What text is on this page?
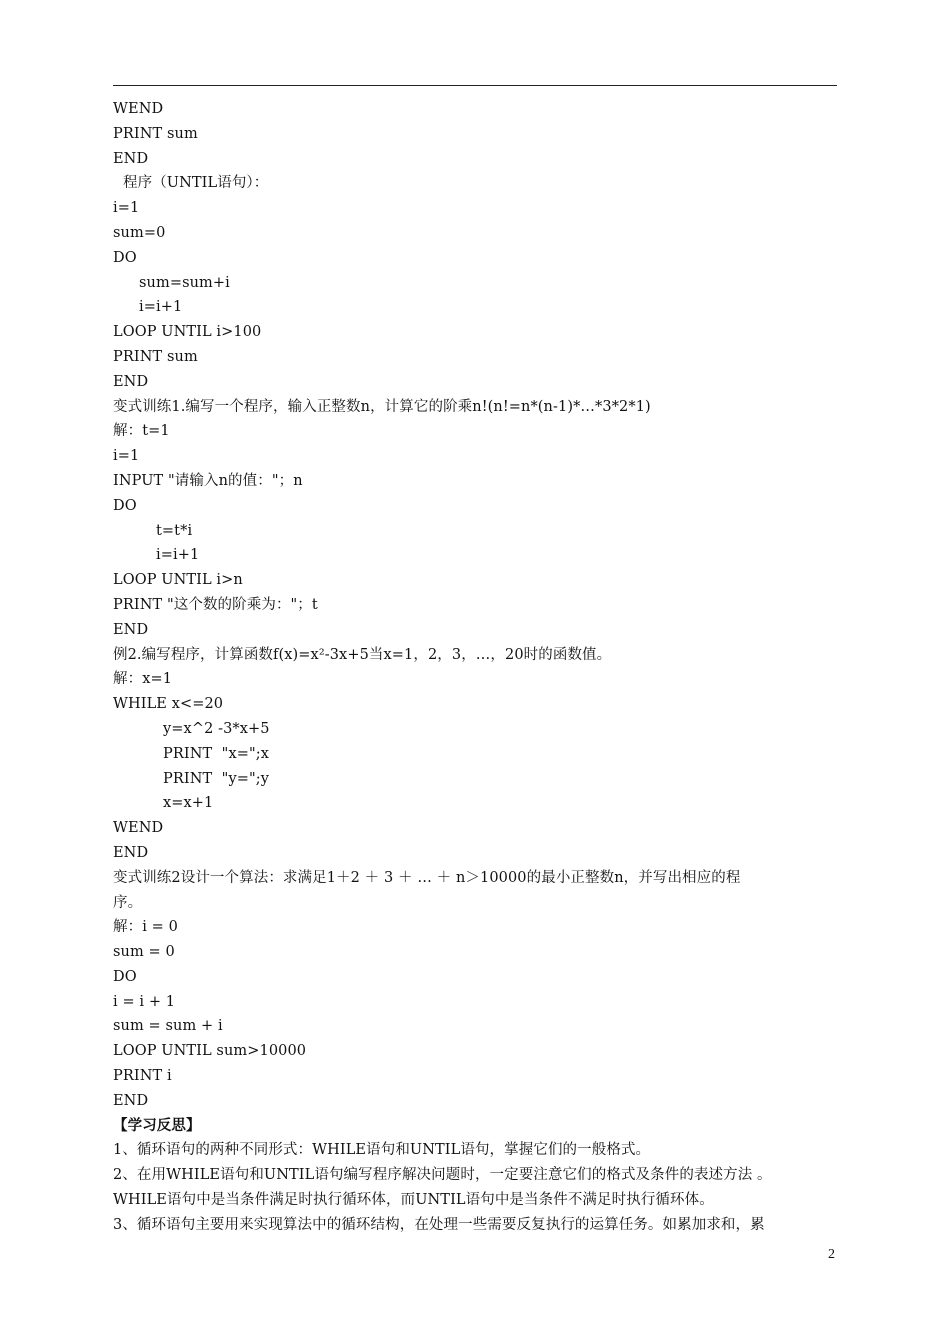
WEND
PRINT sum
END
程序（UNTIL语句）：
i=1
sum=0
DO
sum=sum+i
i=i+1
LOOP UNTIL i>100
PRINT sum
END
变式训练1.编写一个程序，输入正整数n，计算它的阶乘n!(n!=n*(n-1)*…*3*2*1)
解：t=1
i=1
INPUT "请输入n的值："；n
DO
t=t*i
i=i+1
LOOP UNTIL i>n
PRINT "这个数的阶乘为："；t
END
例2.编写程序，计算函数f(x)=x²-3x+5当x=1，2，3，…，20时的函数值。
解：x=1
WHILE x<=20
y=x^2 -3*x+5
PRINT  "x=";x
PRINT  "y=";y
x=x+1
WEND
END
变式训练2设计一个算法：求满足1＋2 ＋ 3 ＋ … ＋ n＞10000的最小正整数n，并写出相应的程
序。
解：i = 0
sum = 0
DO
i = i + 1
sum = sum + i
LOOP UNTIL sum>10000
PRINT i
END
【学习反思】
1、循环语句的两种不同形式：WHILE语句和UNTIL语句，掌握它们的一般格式。
2、在用WHILE语句和UNTIL语句编写程序解决问题时，一定要注意它们的格式及条件的表述方法 。
WHILE语句中是当条件满足时执行循环体，而UNTIL语句中是当条件不满足时执行循环体。
3、循环语句主要用来实现算法中的循环结构，在处理一些需要反复执行的运算任务。如累加求和，累
2
